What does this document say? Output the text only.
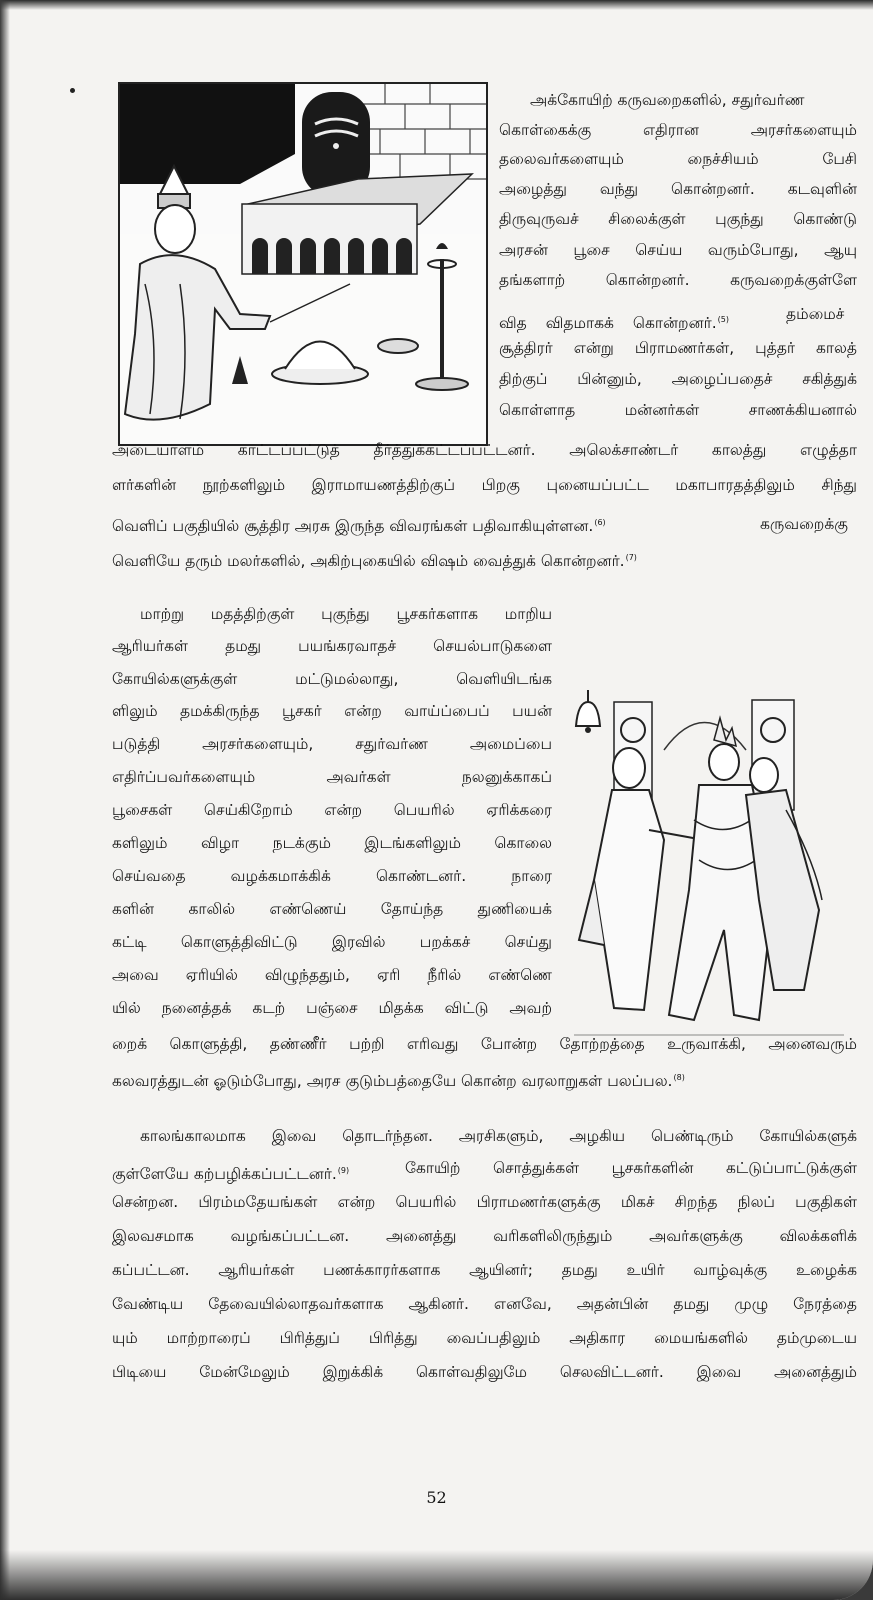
அக்கோயிற் கருவறைகளில், சதுர்வர்ண
கொள்கைக்கு எதிரான அரசர்களையும்
தலைவர்களையும் நைச்சியம் பேசி
அழைத்து வந்து கொன்றனர். கடவுளின்
திருவுருவச் சிலைக்குள் புகுந்து கொண்டு
அரசன் பூசை செய்ய வரும்போது, ஆயு
தங்களாற் கொன்றனர். கருவறைக்குள்ளே
வித விதமாகக் கொன்றனர்.$^{(5)}$	தம்மைச்
சூத்திரர் என்று பிராமணர்கள், புத்தர் காலத்
திற்குப் பின்னும், அழைப்பதைச் சகித்துக்
கொள்ளாத மன்னர்கள் சாணக்கியனால்
அடையாளம் காட்டப்பட்டுத் தீர்த்துக்கட்டப்பட்டனர். அலெக்சாண்டர் காலத்து எழுத்தா
ளர்களின் நூற்களிலும் இராமாயணத்திற்குப் பிறகு புனையப்பட்ட மகாபாரதத்திலும் சிந்து
வெளிப் பகுதியில் சூத்திர அரசு இருந்த விவரங்கள் பதிவாகியுள்ளன.$^{(6)}$	கருவறைக்கு
வெளியே தரும் மலர்களில், அகிற்புகையில் விஷம் வைத்துக் கொன்றனர்.$^{(7)}$
மாற்று மதத்திற்குள் புகுந்து பூசகர்களாக மாறிய
ஆரியர்கள் தமது பயங்கரவாதச் செயல்பாடுகளை
கோயில்களுக்குள் மட்டுமல்லாது, வெளியிடங்க
ளிலும் தமக்கிருந்த பூசகர் என்ற வாய்ப்பைப் பயன்
படுத்தி அரசர்களையும், சதுர்வர்ண அமைப்பை
எதிர்ப்பவர்களையும் அவர்கள் நலனுக்காகப்
பூசைகள் செய்கிறோம் என்ற பெயரில் ஏரிக்கரை
களிலும் விழா நடக்கும் இடங்களிலும் கொலை
செய்வதை வழக்கமாக்கிக் கொண்டனர். நாரை
களின் காலில் எண்ணெய் தோய்ந்த துணியைக்
கட்டி கொளுத்திவிட்டு இரவில் பறக்கச் செய்து
அவை ஏரியில் விழுந்ததும், ஏரி நீரில் எண்ணெ
யில் நனைத்தக் கடற் பஞ்சை மிதக்க விட்டு அவற்
றைக் கொளுத்தி, தண்ணீர் பற்றி எரிவது போன்ற தோற்றத்தை உருவாக்கி, அனைவரும்
கலவரத்துடன் ஓடும்போது, அரச குடும்பத்தையே கொன்ற வரலாறுகள் பலப்பல.$^{(8)}$
காலங்காலமாக இவை தொடர்ந்தன. அரசிகளும், அழகிய பெண்டிரும் கோயில்களுக்
குள்ளேயே கற்பழிக்கப்பட்டனர்.$^{(9)}$	கோயிற் சொத்துக்கள் பூசகர்களின் கட்டுப்பாட்டுக்குள்
சென்றன. பிரம்மதேயங்கள் என்ற பெயரில் பிராமணர்களுக்கு மிகச் சிறந்த நிலப் பகுதிகள்
இலவசமாக வழங்கப்பட்டன. அனைத்து வரிகளிலிருந்தும் அவர்களுக்கு விலக்களிக்
கப்பட்டன. ஆரியர்கள் பணக்காரர்களாக ஆயினர்; தமது உயிர் வாழ்வுக்கு உழைக்க
வேண்டிய தேவையில்லாதவர்களாக ஆகினர். எனவே, அதன்பின் தமது முழு நேரத்தை
யும் மாற்றாரைப் பிரித்துப் பிரித்து வைப்பதிலும் அதிகார மையங்களில் தம்முடைய
பிடியை மேன்மேலும் இறுக்கிக் கொள்வதிலுமே செலவிட்டனர். இவை அனைத்தும்
52
